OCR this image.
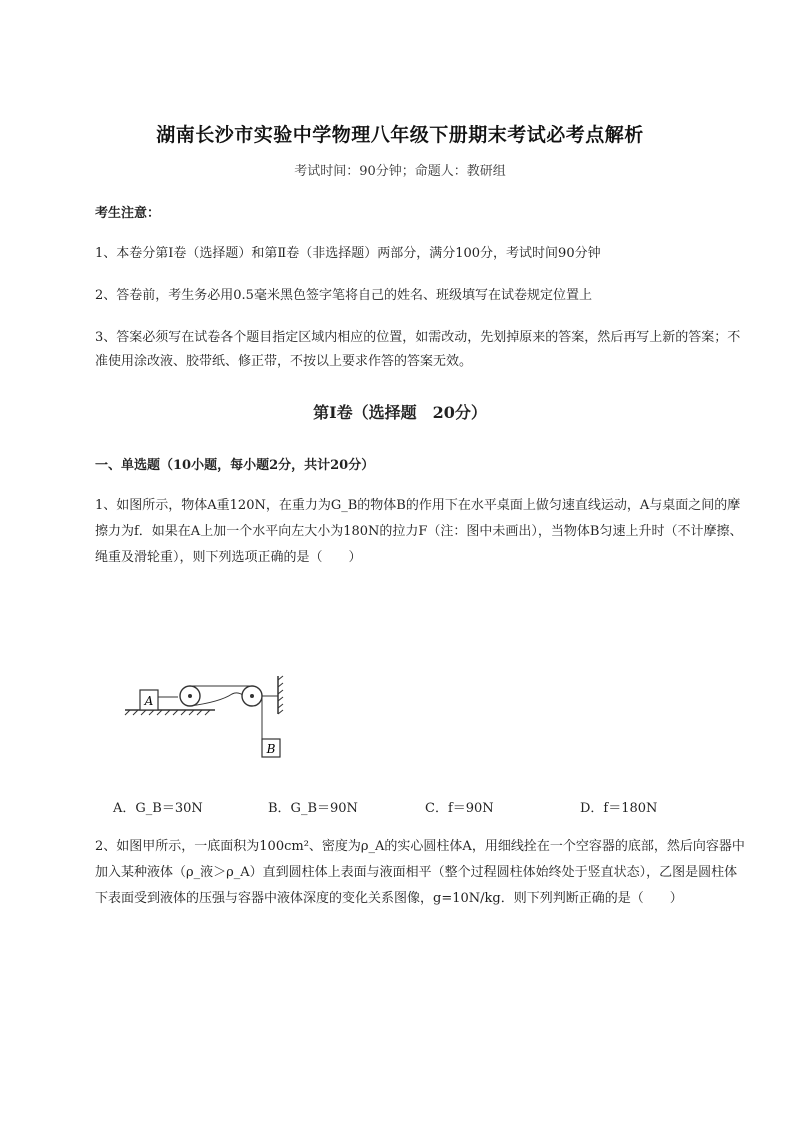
湖南长沙市实验中学物理八年级下册期末考试必考点解析
考试时间：90分钟；命题人：教研组
考生注意：
1、本卷分第Ⅰ卷（选择题）和第Ⅱ卷（非选择题）两部分，满分100分，考试时间90分钟
2、答卷前，考生务必用0.5毫米黑色签字笔将自己的姓名、班级填写在试卷规定位置上
3、答案必须写在试卷各个题目指定区域内相应的位置，如需改动，先划掉原来的答案，然后再写上新的答案；不准使用涂改液、胶带纸、修正带，不按以上要求作答的答案无效。
第Ⅰ卷（选择题　20分）
一、单选题（10小题，每小题2分，共计20分）
1、如图所示，物体A重120N，在重力为G_B的物体B的作用下在水平桌面上做匀速直线运动，A与桌面之间的摩擦力为f．如果在A上加一个水平向左大小为180N的拉力F（注：图中未画出），当物体B匀速上升时（不计摩擦、绳重及滑轮重），则下列选项正确的是（　　）
A
B
A．G_B＝30N	B．G_B＝90N	C．f＝90N	D．f＝180N
2、如图甲所示，一底面积为100cm²、密度为ρ_A的实心圆柱体A，用细线拴在一个空容器的底部，然后向容器中加入某种液体（ρ_液＞ρ_A）直到圆柱体上表面与液面相平（整个过程圆柱体始终处于竖直状态），乙图是圆柱体下表面受到液体的压强与容器中液体深度的变化关系图像，g=10N/kg．则下列判断正确的是（　　）
